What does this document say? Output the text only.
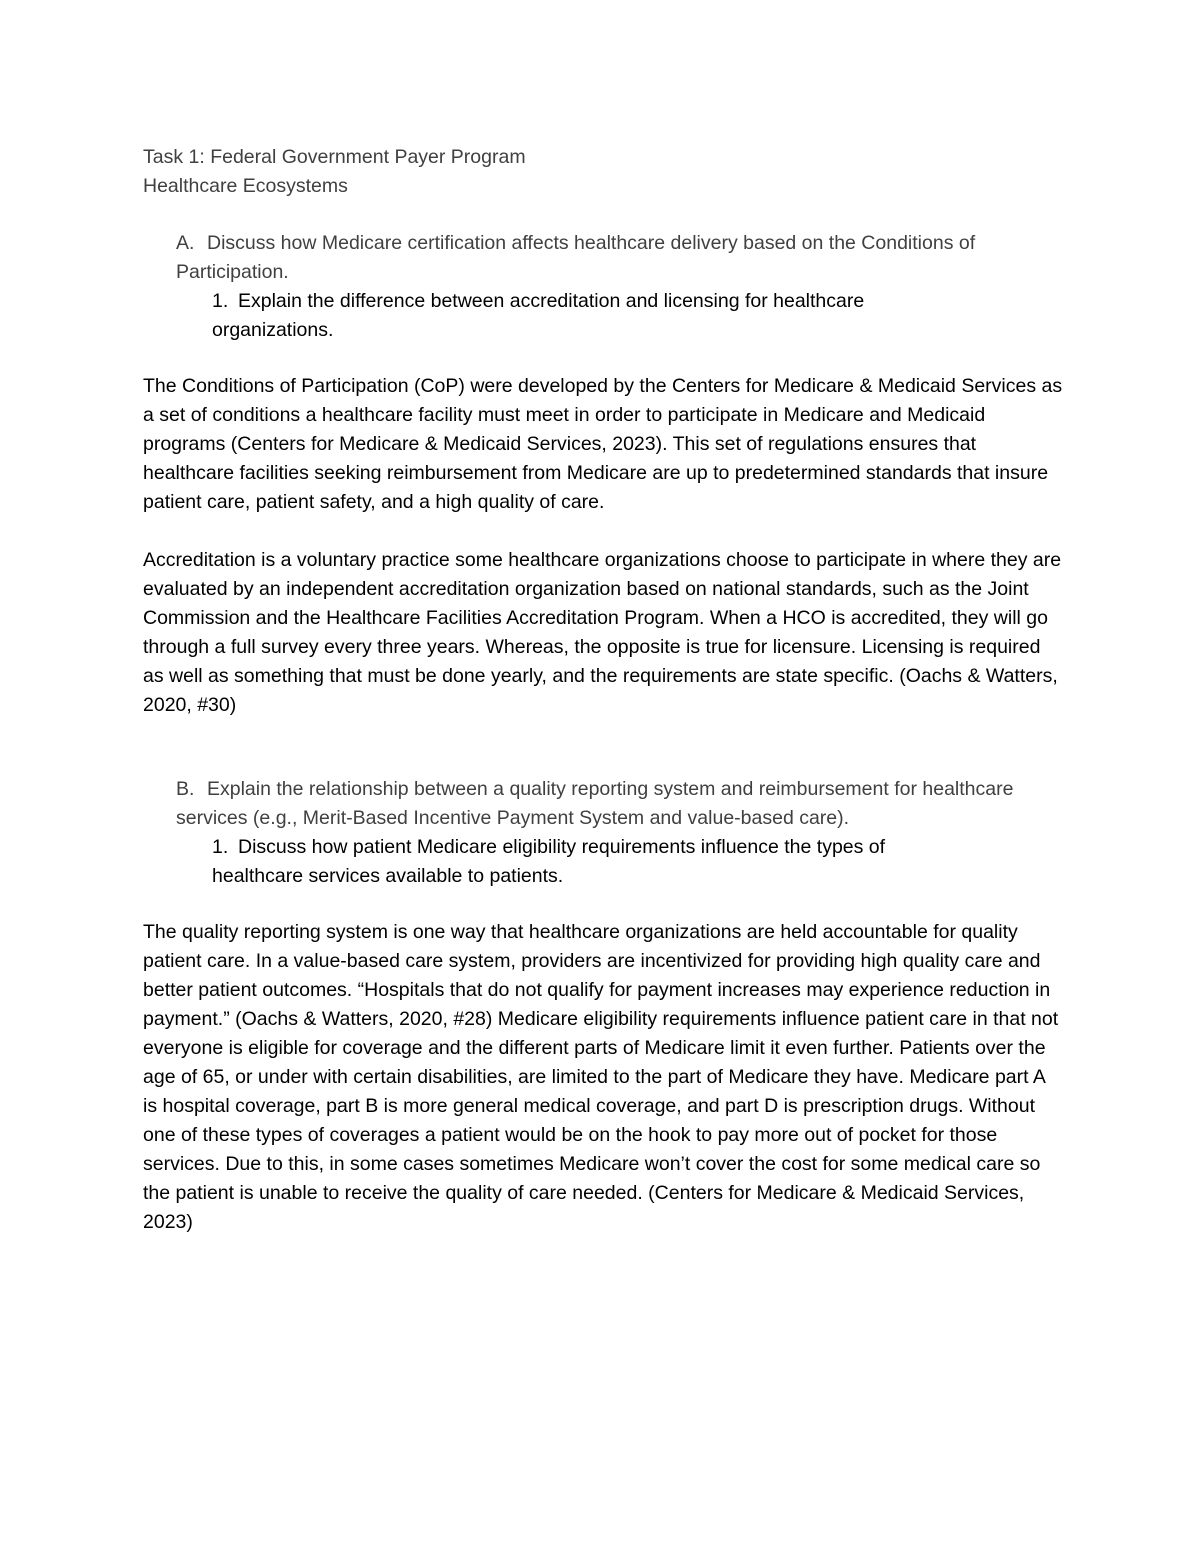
Task 1: Federal Government Payer Program
Healthcare Ecosystems
A. Discuss how Medicare certification affects healthcare delivery based on the Conditions of Participation.
1. Explain the difference between accreditation and licensing for healthcare organizations.

The Conditions of Participation (CoP) were developed by the Centers for Medicare & Medicaid Services as a set of conditions a healthcare facility must meet in order to participate in Medicare and Medicaid programs (Centers for Medicare & Medicaid Services, 2023). This set of regulations ensures that healthcare facilities seeking reimbursement from Medicare are up to predetermined standards that insure patient care, patient safety, and a high quality of care.

Accreditation is a voluntary practice some healthcare organizations choose to participate in where they are evaluated by an independent accreditation organization based on national standards, such as the Joint Commission and the Healthcare Facilities Accreditation Program. When a HCO is accredited, they will go through a full survey every three years. Whereas, the opposite is true for licensure. Licensing is required as well as something that must be done yearly, and the requirements are state specific. (Oachs & Watters, 2020, #30)

B. Explain the relationship between a quality reporting system and reimbursement for healthcare services (e.g., Merit-Based Incentive Payment System and value-based care).
1. Discuss how patient Medicare eligibility requirements influence the types of healthcare services available to patients.

The quality reporting system is one way that healthcare organizations are held accountable for quality patient care. In a value-based care system, providers are incentivized for providing high quality care and better patient outcomes. “Hospitals that do not qualify for payment increases may experience reduction in payment.” (Oachs & Watters, 2020, #28) Medicare eligibility requirements influence patient care in that not everyone is eligible for coverage and the different parts of Medicare limit it even further. Patients over the age of 65, or under with certain disabilities, are limited to the part of Medicare they have. Medicare part A is hospital coverage, part B is more general medical coverage, and part D is prescription drugs. Without one of these types of coverages a patient would be on the hook to pay more out of pocket for those services. Due to this, in some cases sometimes Medicare won’t cover the cost for some medical care so the patient is unable to receive the quality of care needed. (Centers for Medicare & Medicaid Services, 2023)
